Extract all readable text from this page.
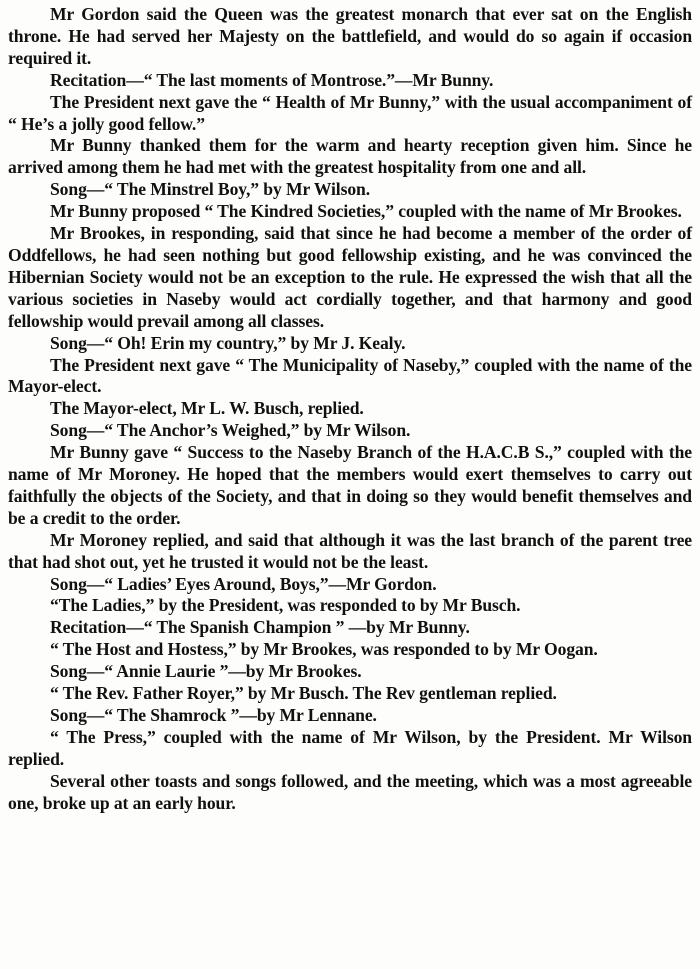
Mr Gordon said the Queen was the greatest monarch that ever sat on the English throne. He had served her Majesty on the battlefield, and would do so again if occasion required it.

Recitation—“ The last moments of Montrose.”—Mr Bunny.

The President next gave the “ Health of Mr Bunny,” with the usual accompaniment of “ He’s a jolly good fellow.”

Mr Bunny thanked them for the warm and hearty reception given him. Since he arrived among them he had met with the greatest hospitality from one and all.

Song—“ The Minstrel Boy,” by Mr Wilson.

Mr Bunny proposed “ The Kindred Societies,” coupled with the name of Mr Brookes.

Mr Brookes, in responding, said that since he had become a member of the order of Oddfellows, he had seen nothing but good fellowship existing, and he was convinced the Hibernian Society would not be an exception to the rule. He expressed the wish that all the various societies in Naseby would act cordially together, and that harmony and good fellowship would prevail among all classes.

Song—“ Oh! Erin my country,” by Mr J. Kealy.

The President next gave “ The Municipality of Naseby,” coupled with the name of the Mayor-elect.

The Mayor-elect, Mr L. W. Busch, replied.

Song—“ The Anchor’s Weighed,” by Mr Wilson.

Mr Bunny gave “ Success to the Naseby Branch of the H.A.C.B S.,” coupled with the name of Mr Moroney. He hoped that the members would exert themselves to carry out faithfully the objects of the Society, and that in doing so they would benefit themselves and be a credit to the order.

Mr Moroney replied, and said that although it was the last branch of the parent tree that had shot out, yet he trusted it would not be the least.

Song—“ Ladies’ Eyes Around, Boys,”—Mr Gordon.

“The Ladies,” by the President, was responded to by Mr Busch.

Recitation—“ The Spanish Champion ” —by Mr Bunny.

“ The Host and Hostess,” by Mr Brookes, was responded to by Mr Oogan.

Song—“ Annie Laurie ”—by Mr Brookes.

“ The Rev. Father Royer,” by Mr Busch. The Rev gentleman replied.

Song—“ The Shamrock ”—by Mr Lennane.

“ The Press,” coupled with the name of Mr Wilson, by the President. Mr Wilson replied.

Several other toasts and songs followed, and the meeting, which was a most agreeable one, broke up at an early hour.
